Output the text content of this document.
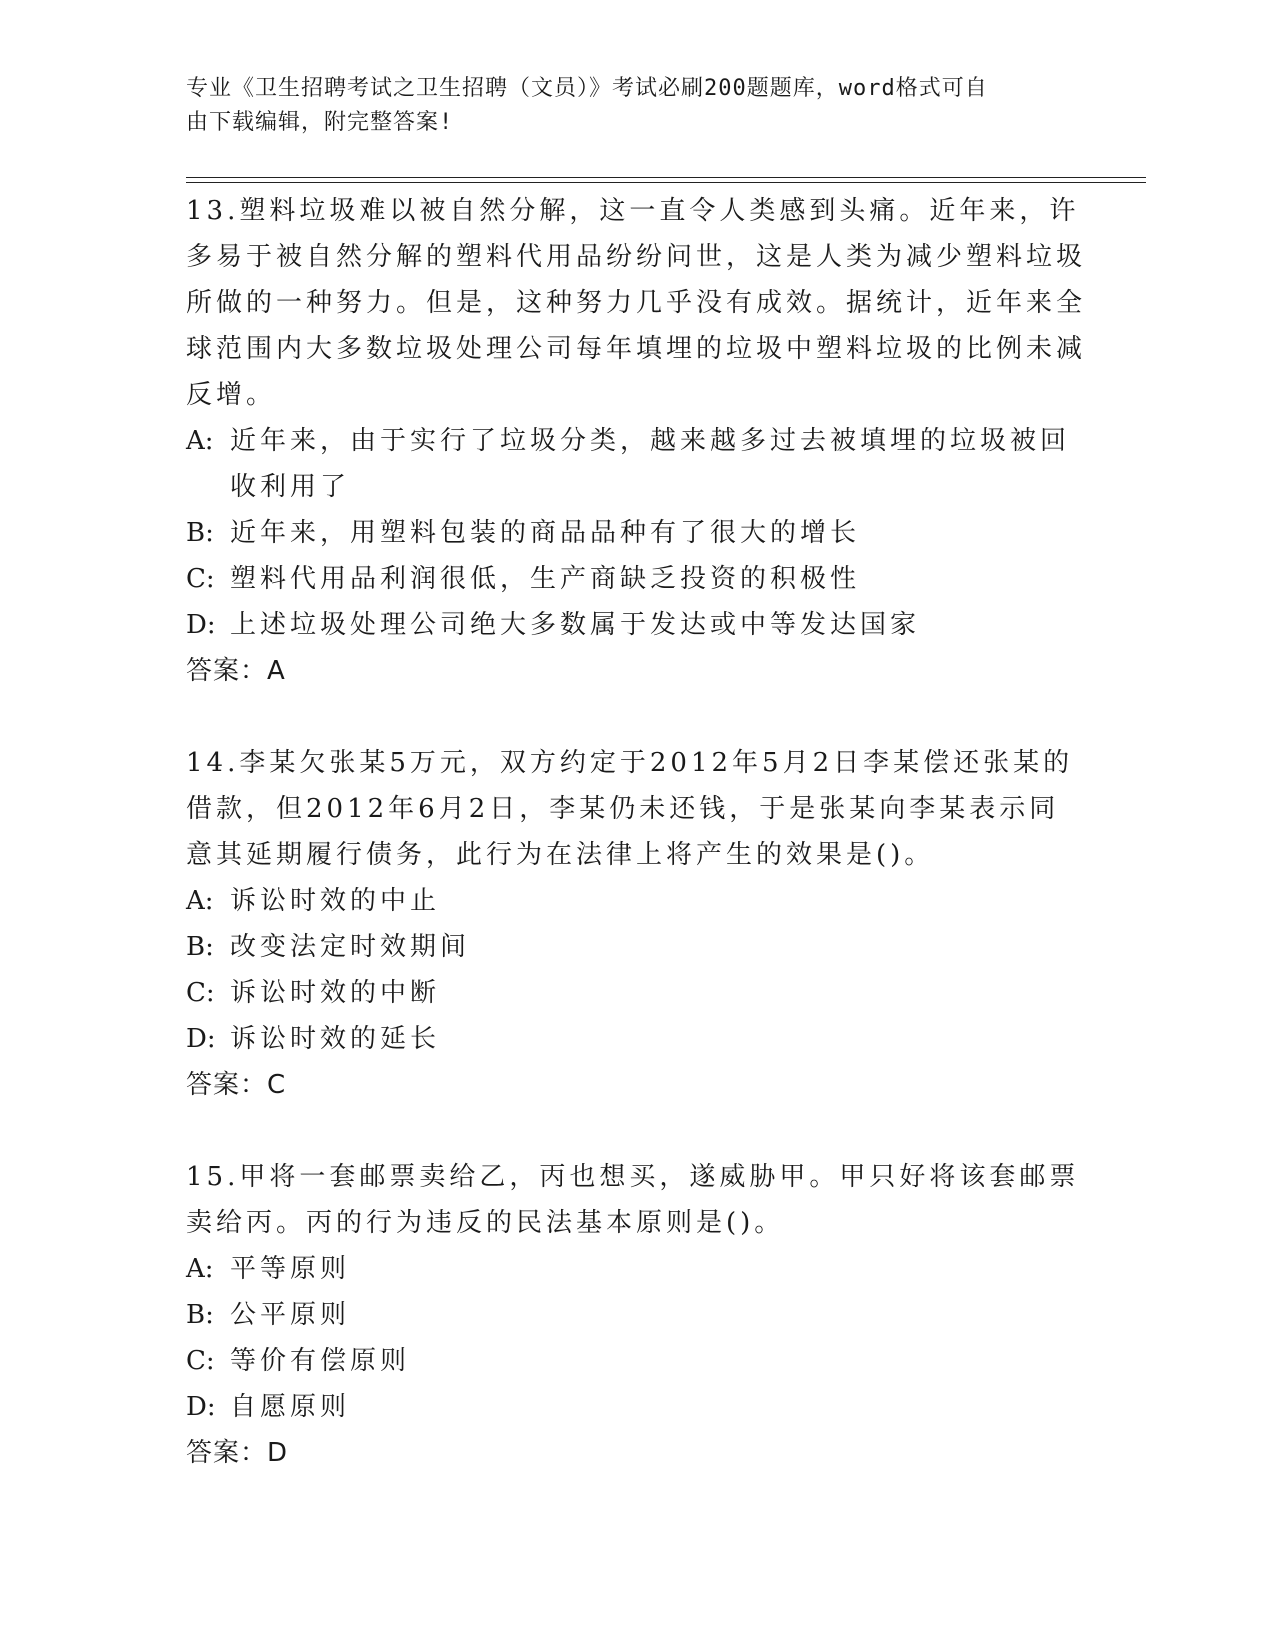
专业《卫生招聘考试之卫生招聘（文员）》考试必刷200题题库，word格式可自
由下载编辑，附完整答案!

13.塑料垃圾难以被自然分解，这一直令人类感到头痛。近年来，许多易于被自然分解的塑料代用品纷纷问世，这是人类为减少塑料垃圾所做的一种努力。但是，这种努力几乎没有成效。据统计，近年来全球范围内大多数垃圾处理公司每年填埋的垃圾中塑料垃圾的比例未减反增。

A: 近年来，由于实行了垃圾分类，越来越多过去被填埋的垃圾被回收利用了
B: 近年来，用塑料包装的商品品种有了很大的增长
C: 塑料代用品利润很低，生产商缺乏投资的积极性
D: 上述垃圾处理公司绝大多数属于发达或中等发达国家

答案：A

14.李某欠张某5万元，双方约定于2012年5月2日李某偿还张某的借款，但2012年6月2日，李某仍未还钱，于是张某向李某表示同意其延期履行债务，此行为在法律上将产生的效果是()。

A: 诉讼时效的中止
B: 改变法定时效期间
C: 诉讼时效的中断
D: 诉讼时效的延长

答案：C

15.甲将一套邮票卖给乙，丙也想买，遂威胁甲。甲只好将该套邮票卖给丙。丙的行为违反的民法基本原则是()。

A: 平等原则
B: 公平原则
C: 等价有偿原则
D: 自愿原则

答案：D
